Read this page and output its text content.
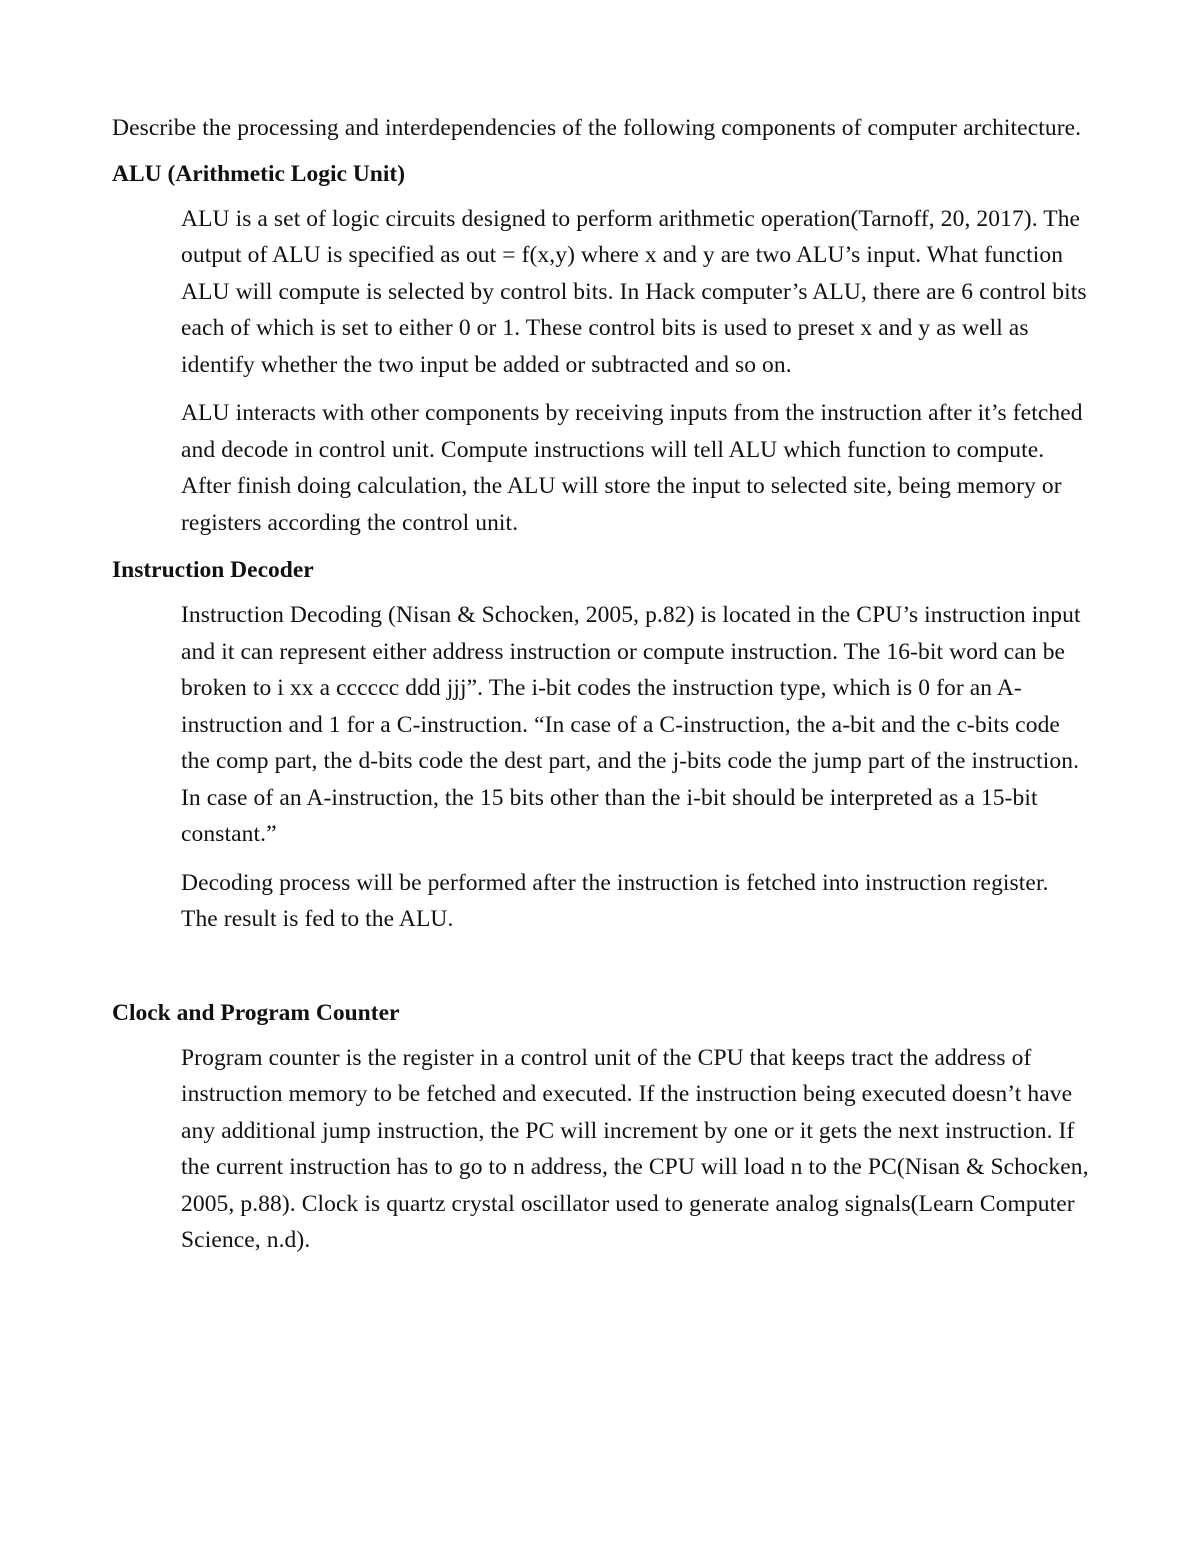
Describe the processing and interdependencies of the following components of computer architecture.

ALU (Arithmetic Logic Unit)

ALU is a set of logic circuits designed to perform arithmetic operation(Tarnoff, 20, 2017). The output of ALU is specified as out = f(x,y) where x and y are two ALU’s input. What function ALU will compute is selected by control bits. In Hack computer’s ALU, there are 6 control bits each of which is set to either 0 or 1. These control bits is used to preset x and y as well as identify whether the two input be added or subtracted and so on.

ALU interacts with other components by receiving inputs from the instruction after it’s fetched and decode in control unit. Compute instructions will tell ALU which function to compute. After finish doing calculation, the ALU will store the input to selected site, being memory or registers according the control unit.

Instruction Decoder

Instruction Decoding (Nisan & Schocken, 2005, p.82) is located in the CPU’s instruction input and it can represent either address instruction or compute instruction. The 16-bit word can be broken to i xx a cccccc ddd jjj”. The i-bit codes the instruction type, which is 0 for an A-instruction and 1 for a C-instruction. “In case of a C-instruction, the a-bit and the c-bits code the comp part, the d-bits code the dest part, and the j-bits code the jump part of the instruction. In case of an A-instruction, the 15 bits other than the i-bit should be interpreted as a 15-bit constant.”

Decoding process will be performed after the instruction is fetched into instruction register. The result is fed to the ALU.

Clock and Program Counter

Program counter is the register in a control unit of the CPU that keeps tract the address of instruction memory to be fetched and executed. If the instruction being executed doesn’t have any additional jump instruction, the PC will increment by one or it gets the next instruction. If the current instruction has to go to n address, the CPU will load n to the PC(Nisan & Schocken, 2005, p.88). Clock is quartz crystal oscillator used to generate analog signals(Learn Computer Science, n.d).
